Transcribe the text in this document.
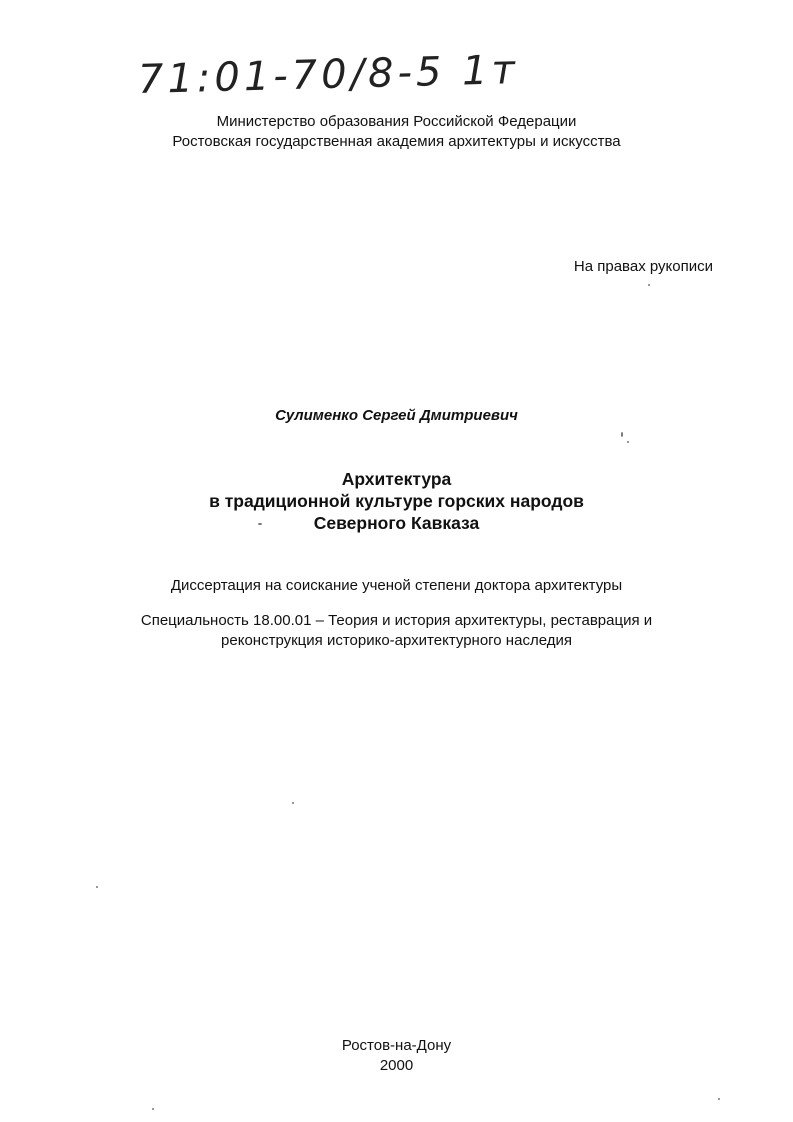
71:01-70/8-5 1т
Министерство образования Российской Федерации
Ростовская государственная академия архитектуры и искусства
На правах рукописи
Сулименко Сергей Дмитриевич
Архитектура
в традиционной культуре горских народов
Северного Кавказа
Диссертация на соискание ученой степени доктора архитектуры
Специальность 18.00.01 – Теория и история архитектуры, реставрация и
реконструкция историко-архитектурного наследия
Ростов-на-Дону
2000
